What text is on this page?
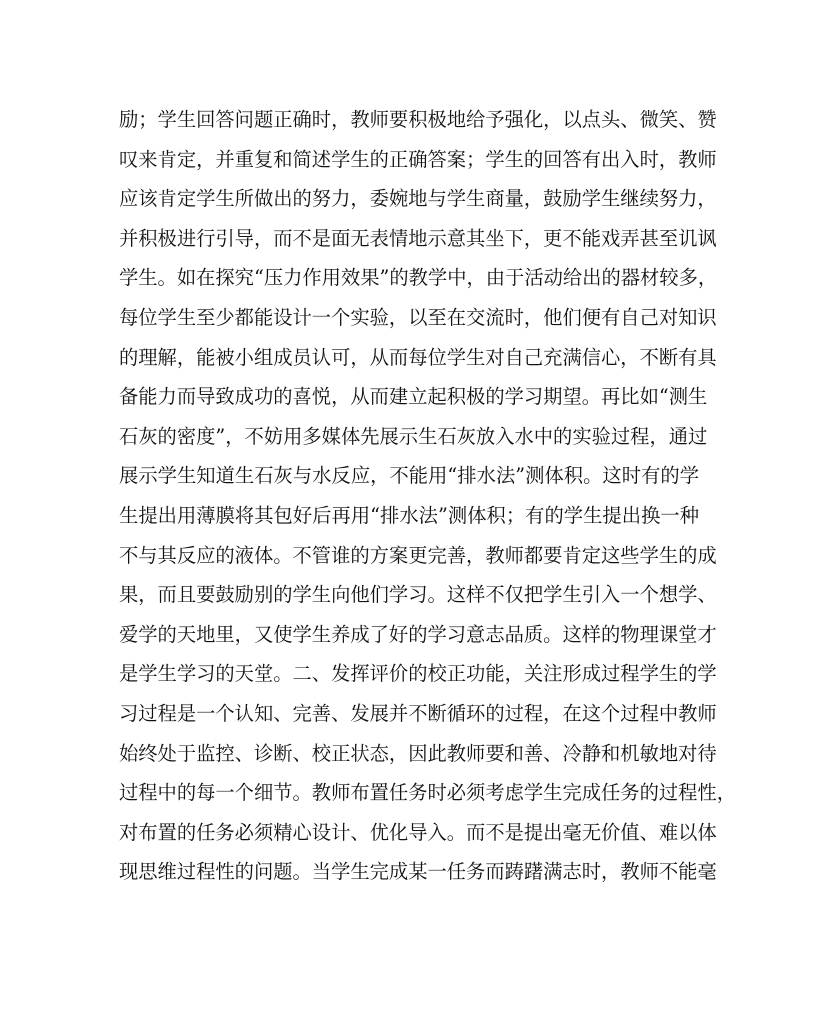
励；学生回答问题正确时，教师要积极地给予强化，以点头、微笑、赞
叹来肯定，并重复和简述学生的正确答案；学生的回答有出入时，教师
应该肯定学生所做出的努力，委婉地与学生商量，鼓励学生继续努力，
并积极进行引导，而不是面无表情地示意其坐下，更不能戏弄甚至讥讽
学生。如在探究“压力作用效果”的教学中，由于活动给出的器材较多，
每位学生至少都能设计一个实验，以至在交流时，他们便有自己对知识
的理解，能被小组成员认可，从而每位学生对自己充满信心，不断有具
备能力而导致成功的喜悦，从而建立起积极的学习期望。再比如“测生
石灰的密度”，不妨用多媒体先展示生石灰放入水中的实验过程，通过
展示学生知道生石灰与水反应，不能用“排水法”测体积。这时有的学
生提出用薄膜将其包好后再用“排水法”测体积；有的学生提出换一种
不与其反应的液体。不管谁的方案更完善，教师都要肯定这些学生的成
果，而且要鼓励别的学生向他们学习。这样不仅把学生引入一个想学、
爱学的天地里，又使学生养成了好的学习意志品质。这样的物理课堂才
是学生学习的天堂。二、发挥评价的校正功能，关注形成过程学生的学
习过程是一个认知、完善、发展并不断循环的过程，在这个过程中教师
始终处于监控、诊断、校正状态，因此教师要和善、冷静和机敏地对待
过程中的每一个细节。教师布置任务时必须考虑学生完成任务的过程性，
对布置的任务必须精心设计、优化导入。而不是提出毫无价值、难以体
现思维过程性的问题。当学生完成某一任务而踌躇满志时，教师不能毫
